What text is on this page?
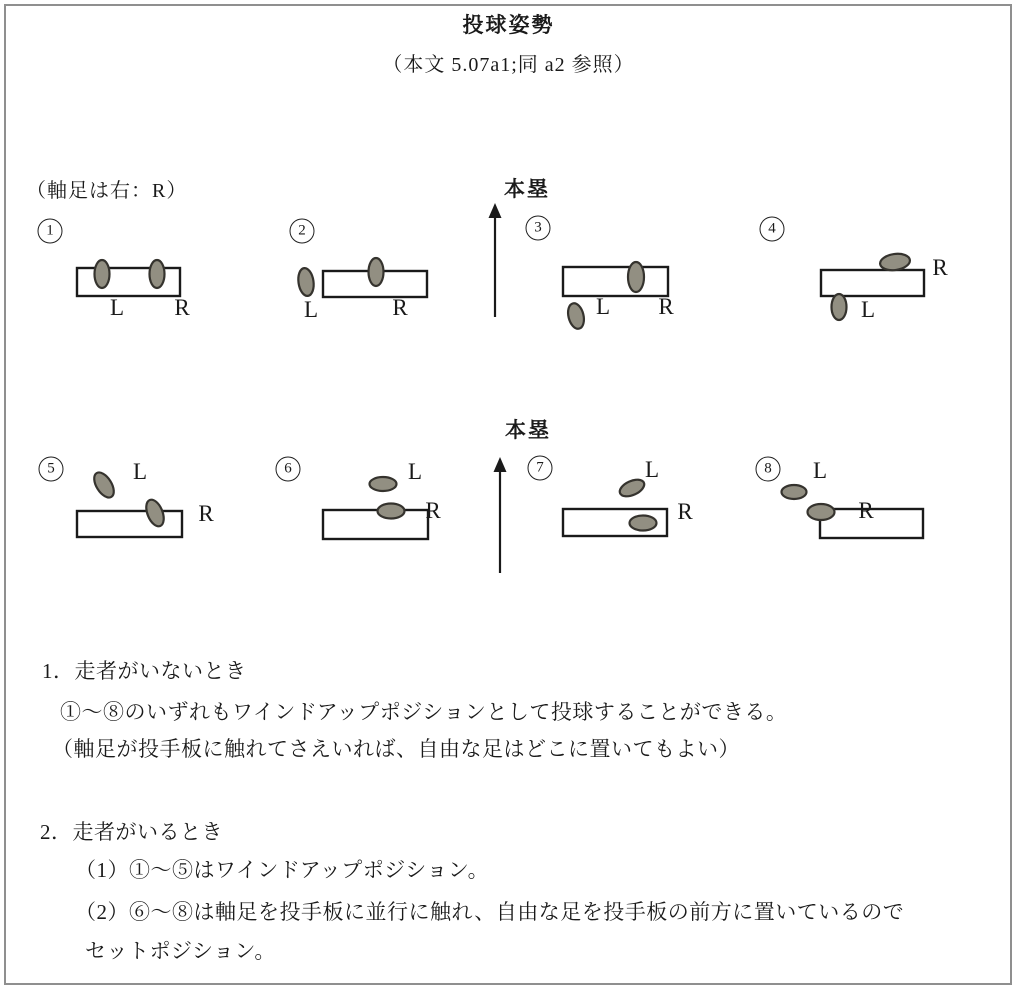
投球姿勢
（本文 5.07a1;同 a2 参照）
（軸足は右：R）	本塁
本塁
1
L R
2
L	R
3
L R
4
R
L
5	L
R
6	L
R
7	L
R
8	L
R
1．走者がいないとき
①～⑧のいずれもワインドアップポジションとして投球することができる。
（軸足が投手板に触れてさえいれば、自由な足はどこに置いてもよい）
2．走者がいるとき
（1）①～⑤はワインドアップポジション。
（2）⑥～⑧は軸足を投手板に並行に触れ、自由な足を投手板の前方に置いているので
セットポジション。
